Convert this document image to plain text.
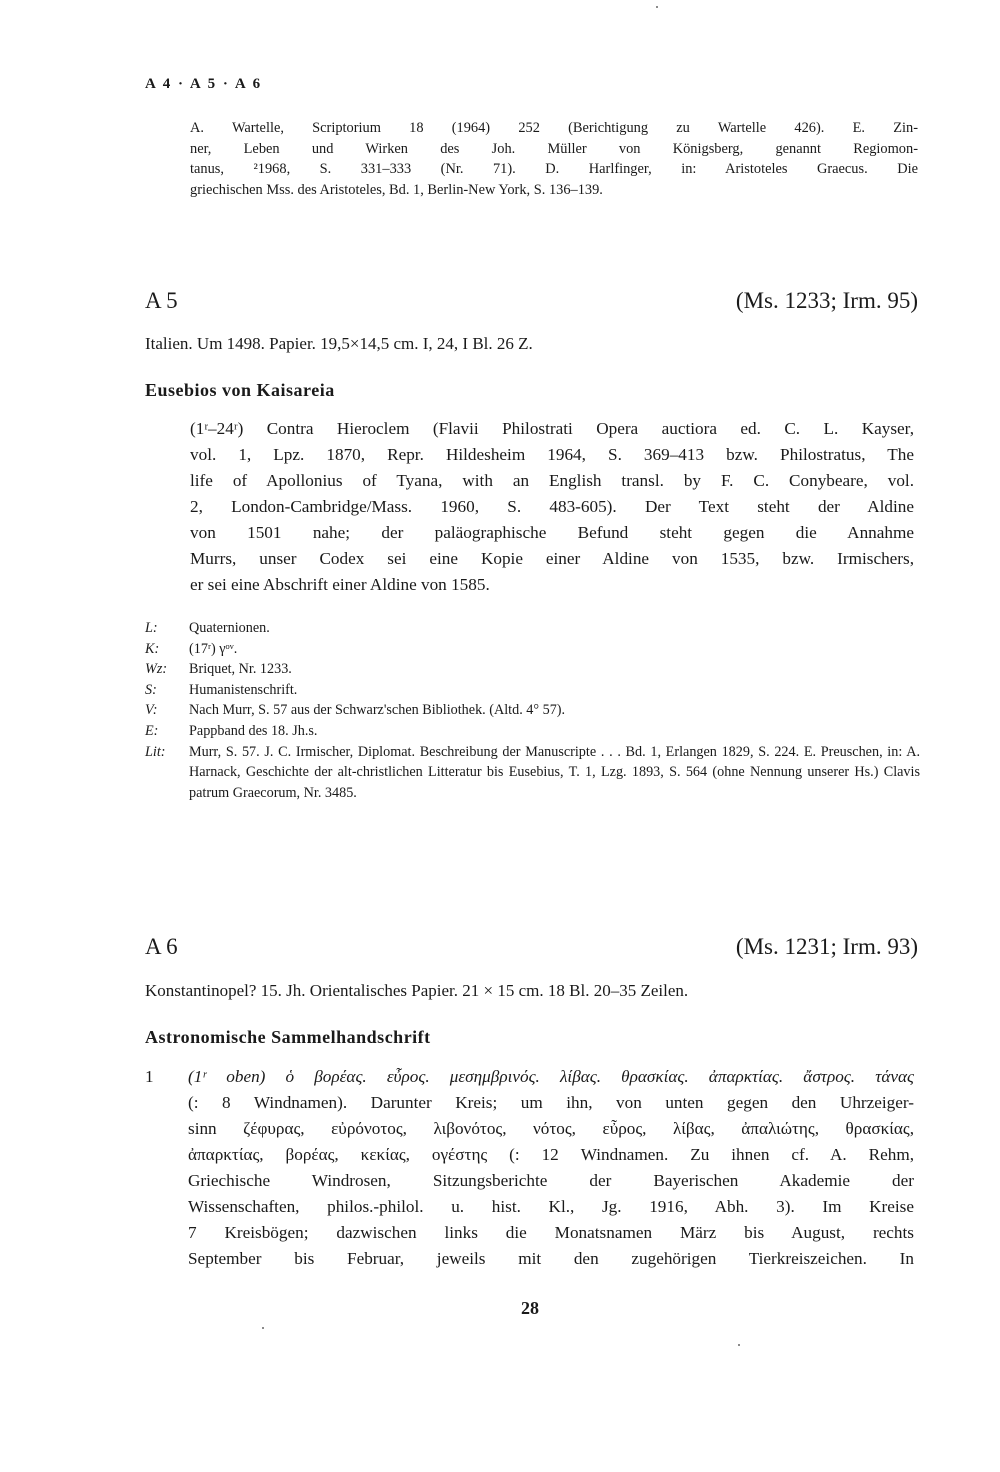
A 4 · A 5 · A 6
A. Wartelle, Scriptorium 18 (1964) 252 (Berichtigung zu Wartelle 426). E. Zin-
ner, Leben und Wirken des Joh. Müller von Königsberg, genannt Regiomon-
tanus, ²1968, S. 331–333 (Nr. 71). D. Harlfinger, in: Aristoteles Graecus. Die
griechischen Mss. des Aristoteles, Bd. 1, Berlin-New York, S. 136–139.
A 5	(Ms. 1233; Irm. 95)
Italien. Um 1498. Papier. 19,5×14,5 cm. I, 24, I Bl. 26 Z.
Eusebios von Kaisareia
(1ʳ–24ʳ) Contra Hieroclem (Flavii Philostrati Opera auctiora ed. C. L. Kayser,
vol. 1, Lpz. 1870, Repr. Hildesheim 1964, S. 369–413 bzw. Philostratus, The
life of Apollonius of Tyana, with an English transl. by F. C. Conybeare, vol.
2, London-Cambridge/Mass. 1960, S. 483-605). Der Text steht der Aldine
von 1501 nahe; der paläographische Befund steht gegen die Annahme
Murrs, unser Codex sei eine Kopie einer Aldine von 1535, bzw. Irmischers,
er sei eine Abschrift einer Aldine von 1585.
L:	Quaternionen.
K:	(17ʳ) γᵒᵛ.
Wz:	Briquet, Nr. 1233.
S:	Humanistenschrift.
V:	Nach Murr, S. 57 aus der Schwarz'schen Bibliothek. (Altd. 4° 57).
E:	Pappband des 18. Jh.s.
Lit:	Murr, S. 57. J. C. Irmischer, Diplomat. Beschreibung der Manuscripte . . . Bd. 1, Erlangen 1829, S. 224. E. Preuschen, in: A. Harnack, Geschichte der alt-christlichen Litteratur bis Eusebius, T. 1, Lzg. 1893, S. 564 (ohne Nennung unserer Hs.) Clavis patrum Graecorum, Nr. 3485.
A 6	(Ms. 1231; Irm. 93)
Konstantinopel? 15. Jh. Orientalisches Papier. 21 × 15 cm. 18 Bl. 20–35 Zeilen.
Astronomische Sammelhandschrift
1 (1ʳ oben) ὁ βορέας. εὖρος. μεσημβρινός. λίβας. θρασκίας. ἀπαρκτίας. ἄστρος. τάνας
(: 8 Windnamen). Darunter Kreis; um ihn, von unten gegen den Uhrzeiger-
sinn ζέφυρας, εὐρόνοτος, λιβονότος, νότος, εὖρος, λίβας, ἀπαλιώτης, θρασκίας,
ἀπαρκτίας, βορέας, κεκίας, ογέστης (: 12 Windnamen. Zu ihnen cf. A. Rehm,
Griechische Windrosen, Sitzungsberichte der Bayerischen Akademie der
Wissenschaften, philos.-philol. u. hist. Kl., Jg. 1916, Abh. 3). Im Kreise
7 Kreisbögen; dazwischen links die Monatsnamen März bis August, rechts
September bis Februar, jeweils mit den zugehörigen Tierkreiszeichen. In
28
